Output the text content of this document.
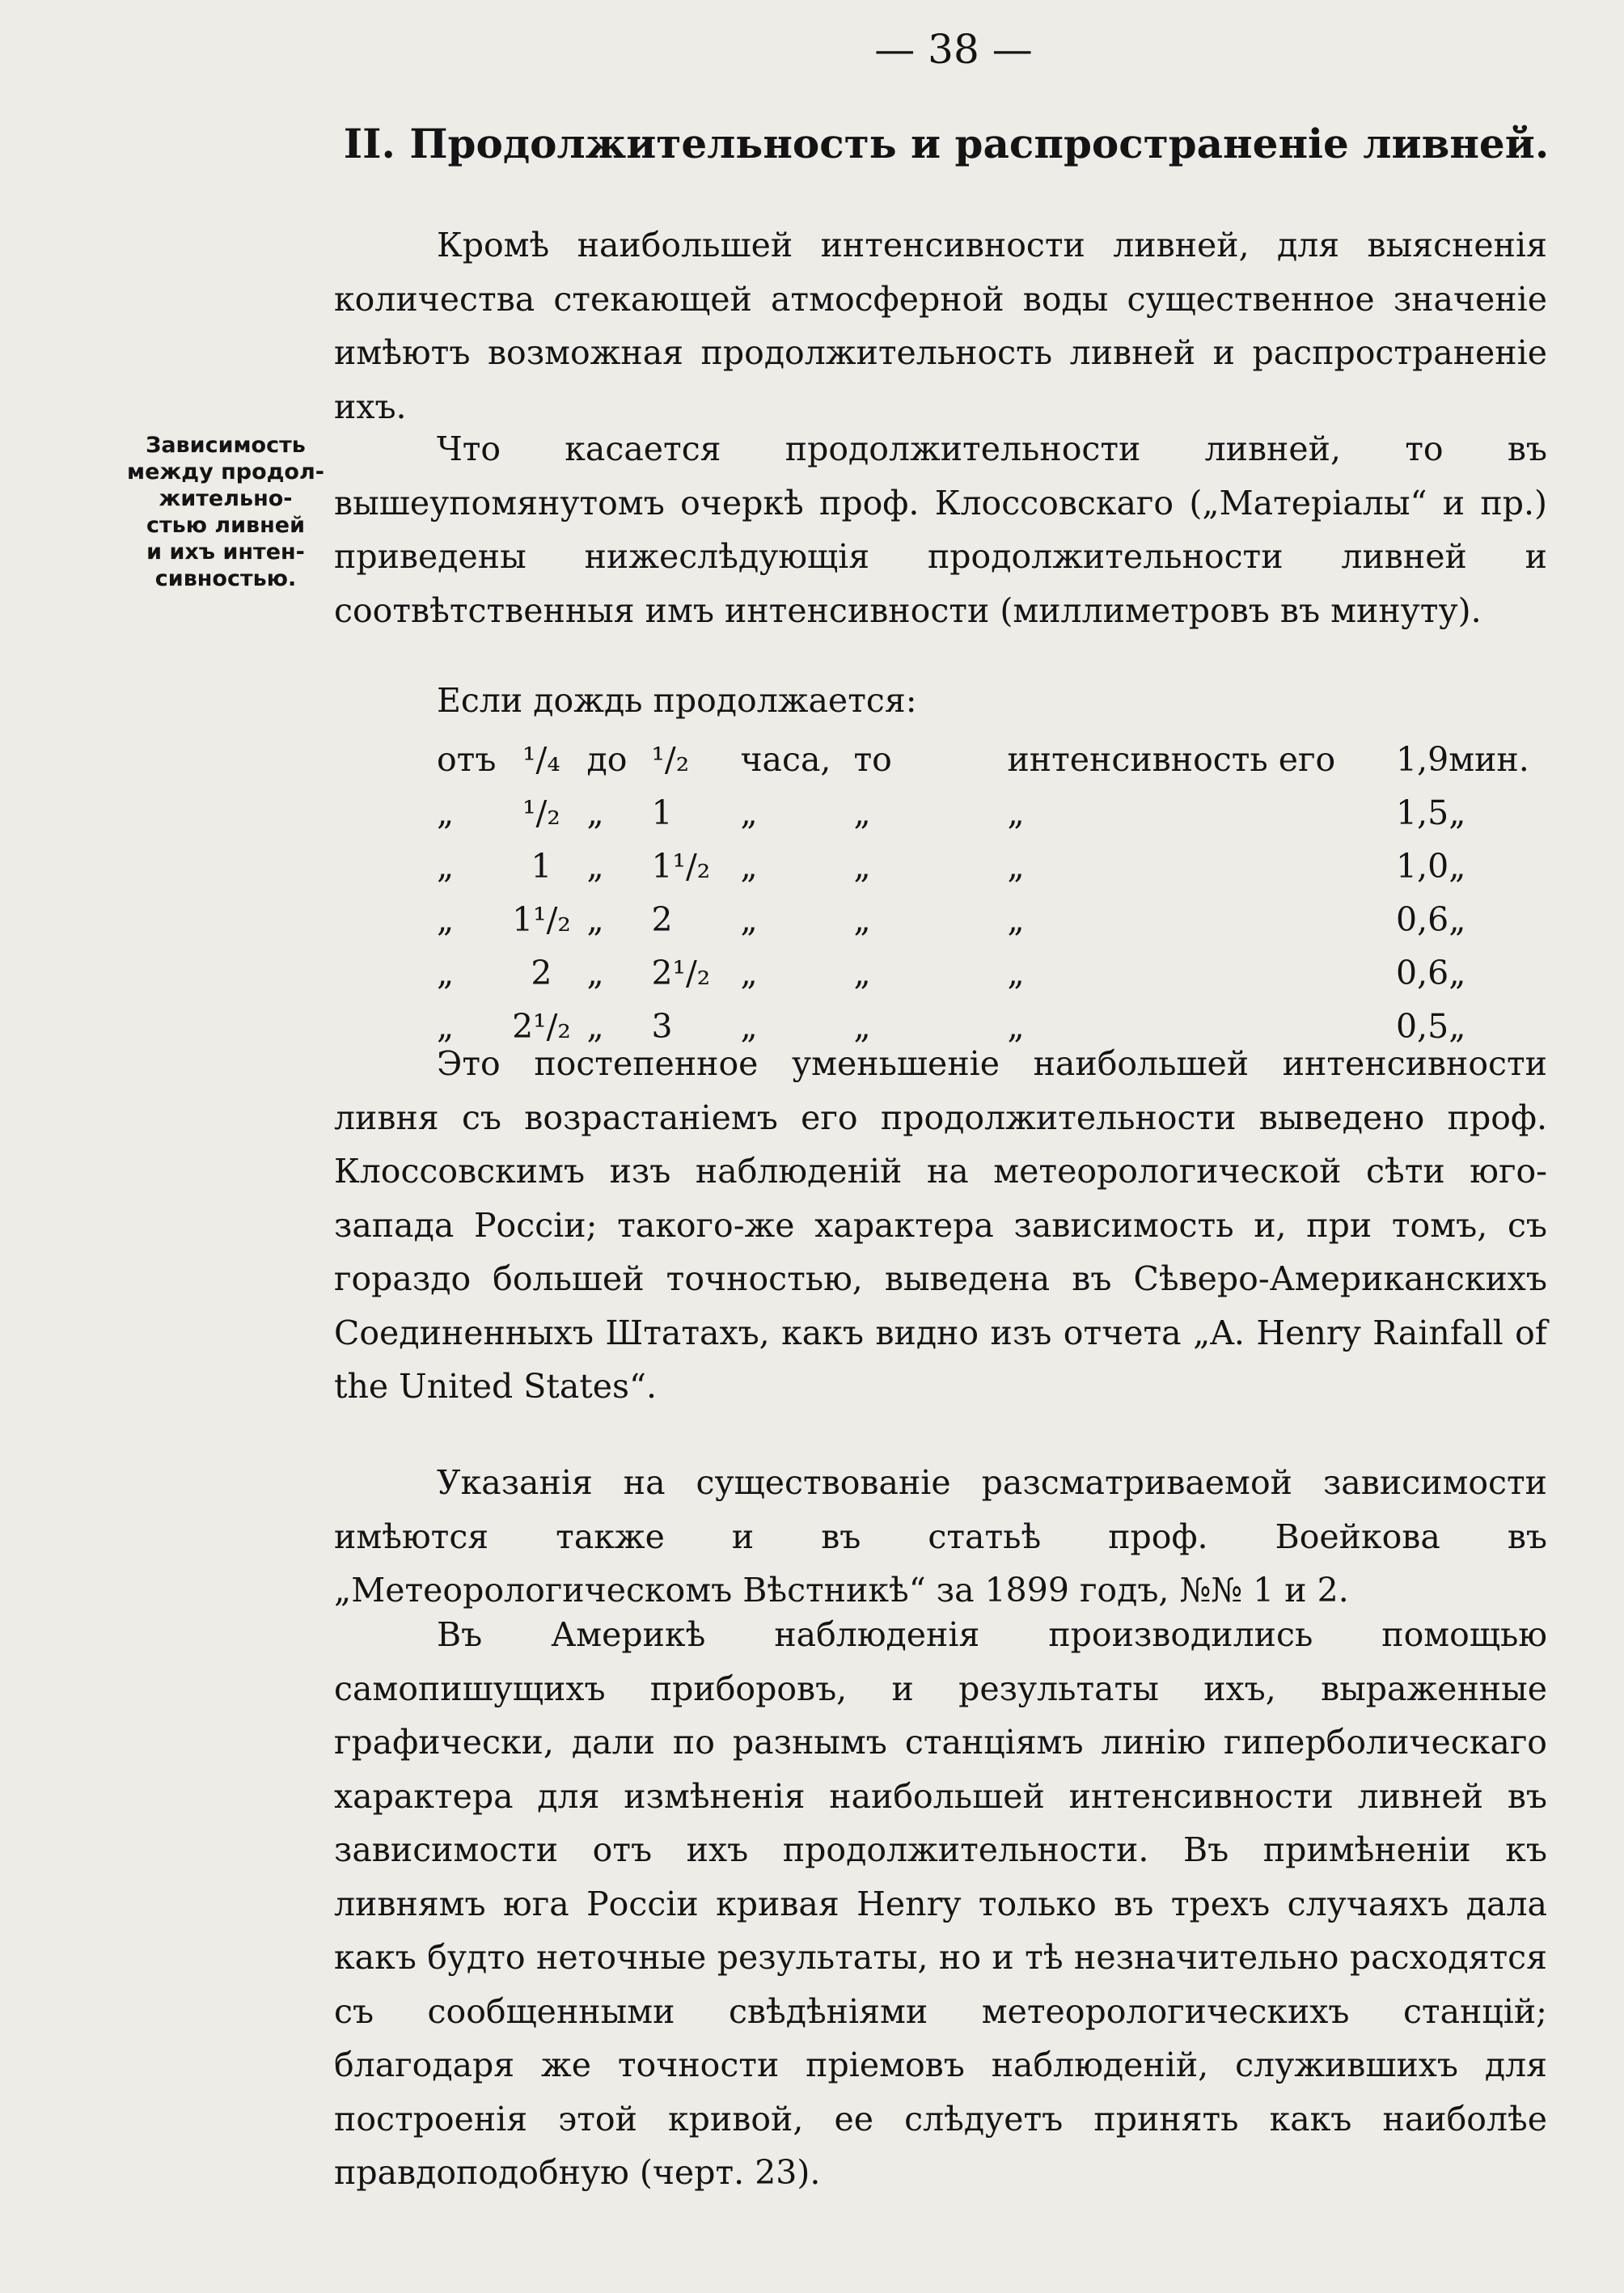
— 38 —
II. Продолжительность и распространеніе ливней.

Кромѣ наибольшей интенсивности ливней, для выясненія количества стекающей атмосферной воды существенное значеніе имѣютъ возможная продолжительность ливней и распространеніе ихъ.

Зависимость
между продол-
жительно-
стью ливней
и ихъ интен-
сивностью.

Что касается продолжительности ливней, то въ вышеупомянутомъ очеркѣ проф. Клоссовскаго („Матеріалы“ и пр.) приведены нижеслѣдующія продолжительности ливней и соотвѣтственныя имъ интенсивности (миллиметровъ въ минуту).

Если дождь продолжается:
отъ	¹/₄	до	¹/₂	часа,	то	интенсивность его	1,9	мин.
„	¹/₂	„	1	„	„	„	1,5	„
„	1	„	1¹/₂	„	„	„	1,0	„
„	1¹/₂	„	2	„	„	„	0,6	„
„	2	„	2¹/₂	„	„	„	0,6	„
„	2¹/₂	„	3	„	„	„	0,5	„

Это постепенное уменьшеніе наибольшей интенсивности ливня съ возрастаніемъ его продолжительности выведено проф. Клоссовскимъ изъ наблюденій на метеорологической сѣти юго-запада Россіи; такого-же характера зависимость и, при томъ, съ гораздо большей точностью, выведена въ Сѣверо-Американскихъ Соединенныхъ Штатахъ, какъ видно изъ отчета „A. Henry Rainfall of the United States“.

Указанія на существованіе разсматриваемой зависимости имѣются также и въ статьѣ проф. Воейкова въ „Метеорологическомъ Вѣстникѣ“ за 1899 годъ, №№ 1 и 2.

Въ Америкѣ наблюденія производились помощью самопишущихъ приборовъ, и результаты ихъ, выраженные графически, дали по разнымъ станціямъ линію гиперболическаго характера для измѣненія наибольшей интенсивности ливней въ зависимости отъ ихъ продолжительности. Въ примѣненіи къ ливнямъ юга Россіи кривая Henry только въ трехъ случаяхъ дала какъ будто неточные результаты, но и тѣ незначительно расходятся съ сообщенными свѣдѣніями метеорологическихъ станцій; благодаря же точности пріемовъ наблюденій, служившихъ для построенія этой кривой, ее слѣдуетъ принять какъ наиболѣе правдоподобную (черт. 23).
